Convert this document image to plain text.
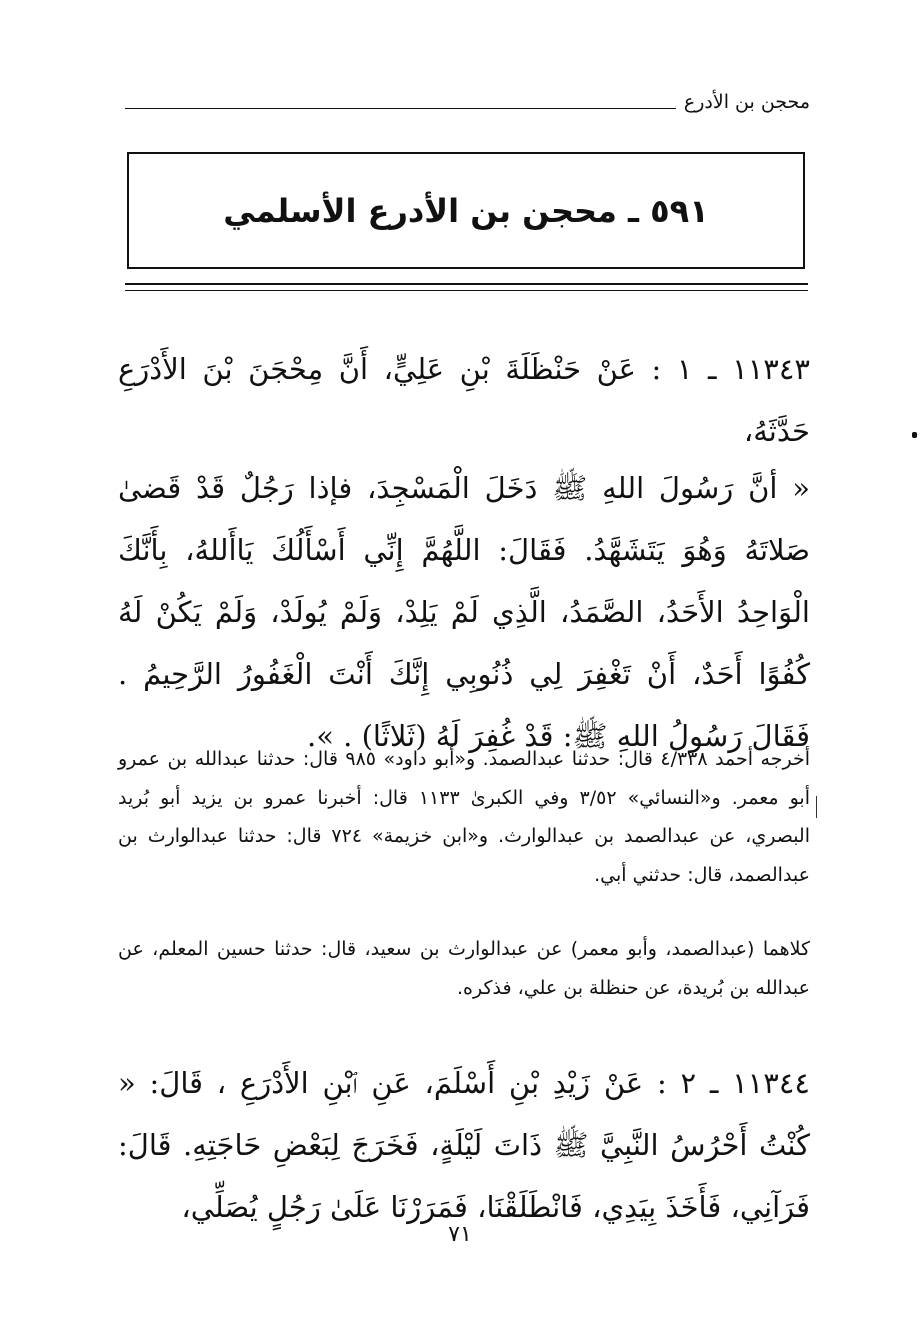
محجن بن الأدرع
٥٩١ ـ محجن بن الأدرع الأسلمي
١١٣٤٣ ـ ١ : عَنْ حَنْظَلَةَ بْنِ عَلِيٍّ، أَنَّ مِحْجَنَ بْنَ الأَدْرَعِ حَدَّثَهُ،
« أنَّ رَسُولَ اللهِ ﷺ دَخَلَ الْمَسْجِدَ، فإذا رَجُلٌ قَدْ قَضىٰ صَلاتَهُ وَهُوَ يَتَشَهَّدُ. فَقَالَ: اللَّهُمَّ إِنِّي أَسْأَلُكَ يَاأَللهُ، بِأَنَّكَ الْوَاحِدُ الأَحَدُ، الصَّمَدُ، الَّذِي لَمْ يَلِدْ، وَلَمْ يُولَدْ، وَلَمْ يَكُنْ لَهُ كُفُوًا أَحَدٌ، أَنْ تَغْفِرَ لِي ذُنُوبِي إِنَّكَ أَنْتَ الْغَفُورُ الرَّحِيمُ . فَقَالَ رَسُولُ اللهِ ﷺ: قَدْ غُفِرَ لَهُ (ثَلاثًا) . ».
أخرجه أحمد ٤/٣٣٨ قال: حدثنا عبدالصمد. و«أبو داود» ٩٨٥ قال: حدثنا عبدالله بن عمرو أبو معمر. و«النسائي» ٣/٥٢ وفي الكبرىٰ ١١٣٣ قال: أخبرنا عمرو بن يزيد أبو بُريد البصري، عن عبدالصمد بن عبدالوارث. و«ابن خزيمة» ٧٢٤ قال: حدثنا عبدالوارث بن عبدالصمد، قال: حدثني أبي.
كلاهما (عبدالصمد، وأبو معمر) عن عبدالوارث بن سعيد، قال: حدثنا حسين المعلم، عن عبدالله بن بُريدة، عن حنظلة بن علي، فذكره.
١١٣٤٤ ـ ٢ : عَنْ زَيْدِ بْنِ أَسْلَمَ، عَنِ ٱبْنِ الأَدْرَعِ ، قَالَ: « كُنْتُ أَحْرُسُ النَّبِيَّ ﷺ ذَاتَ لَيْلَةٍ، فَخَرَجَ لِبَعْضِ حَاجَتِهِ. قَالَ: فَرَآنِي، فَأَخَذَ بِيَدِي، فَانْطَلَقْنَا، فَمَرَرْنَا عَلَىٰ رَجُلٍ يُصَلِّي،
٧١
